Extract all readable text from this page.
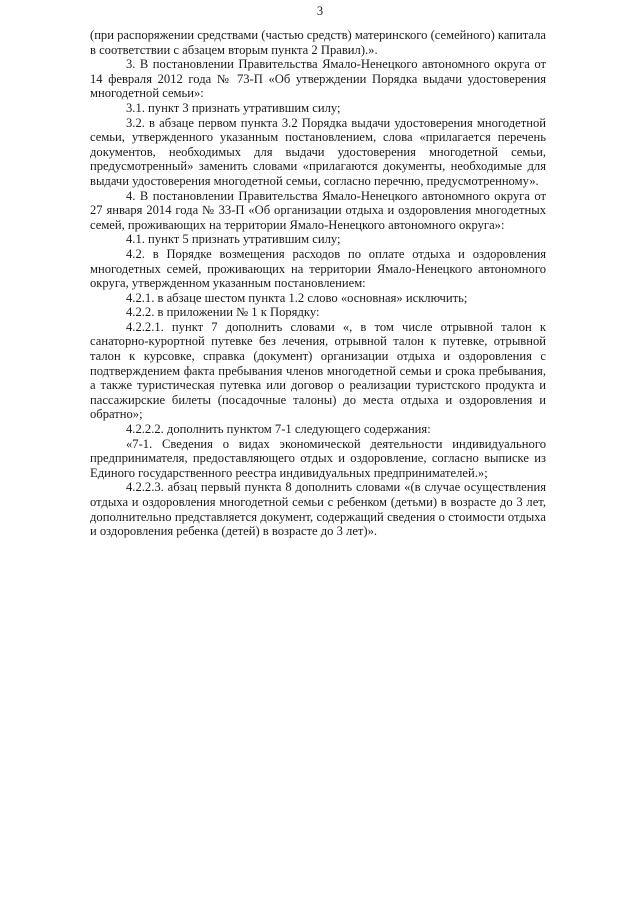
3

(при распоряжении средствами (частью средств) материнского (семейного) капитала в соответствии с абзацем вторым пункта 2 Правил).».

3. В постановлении Правительства Ямало-Ненецкого автономного округа от 14 февраля 2012 года № 73-П «Об утверждении Порядка выдачи удостоверения многодетной семьи»:

3.1. пункт 3 признать утратившим силу;

3.2. в абзаце первом пункта 3.2 Порядка выдачи удостоверения многодетной семьи, утвержденного указанным постановлением, слова «прилагается перечень документов, необходимых для выдачи удостоверения многодетной семьи, предусмотренный» заменить словами «прилагаются документы, необходимые для выдачи удостоверения многодетной семьи, согласно перечню, предусмотренному».

4. В постановлении Правительства Ямало-Ненецкого автономного округа от 27 января 2014 года № 33-П «Об организации отдыха и оздоровления многодетных семей, проживающих на территории Ямало-Ненецкого автономного округа»:

4.1. пункт 5 признать утратившим силу;

4.2. в Порядке возмещения расходов по оплате отдыха и оздоровления многодетных семей, проживающих на территории Ямало-Ненецкого автономного округа, утвержденном указанным постановлением:

4.2.1. в абзаце шестом пункта 1.2 слово «основная» исключить;

4.2.2. в приложении № 1 к Порядку:

4.2.2.1. пункт 7 дополнить словами «, в том числе отрывной талон к санаторно-курортной путевке без лечения, отрывной талон к путевке, отрывной талон к курсовке, справка (документ) организации отдыха и оздоровления с подтверждением факта пребывания членов многодетной семьи и срока пребывания, а также туристическая путевка или договор о реализации туристского продукта и пассажирские билеты (посадочные талоны) до места отдыха и оздоровления и обратно»;

4.2.2.2. дополнить пунктом 7-1 следующего содержания:

«7-1. Сведения о видах экономической деятельности индивидуального предпринимателя, предоставляющего отдых и оздоровление, согласно выписке из Единого государственного реестра индивидуальных предпринимателей.»;

4.2.2.3. абзац первый пункта 8 дополнить словами «(в случае осуществления отдыха и оздоровления многодетной семьи с ребенком (детьми) в возрасте до 3 лет, дополнительно представляется документ, содержащий сведения о стоимости отдыха и оздоровления ребенка (детей) в возрасте до 3 лет)».
